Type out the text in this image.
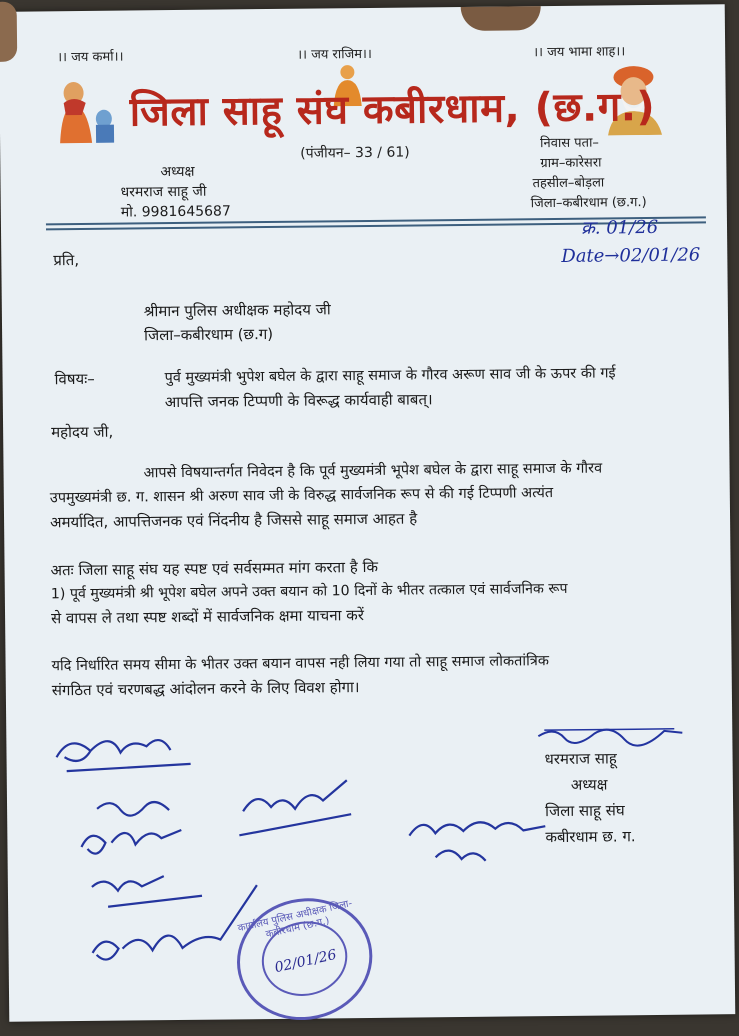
।। जय कर्मा।।	।। जय राजिम।।	।। जय भामा शाह।।
जिला साहू संघ कबीरधाम, (छ.ग.)
(पंजीयन– 33 / 61)
अध्यक्ष
धरमराज साहू जी
मो. 9981645687
निवास पता–
ग्राम–कारेसरा
तहसील–बोड़ला
जिला–कबीरधाम (छ.ग.)
क्र. 01/26
Date→02/01/26
प्रति,
श्रीमान पुलिस अधीक्षक महोदय जी
जिला–कबीरधाम (छ.ग)
विषयः–	पुर्व मुख्यमंत्री भुपेश बघेल के द्वारा साहू समाज के गौरव अरूण साव जी के ऊपर की गई
आपत्ति जनक टिप्पणी के विरूद्ध कार्यवाही बाबत्।
महोदय जी,
आपसे विषयान्तर्गत निवेदन है कि पूर्व मुख्यमंत्री भूपेश बघेल के द्वारा साहू समाज के गौरव
उपमुख्यमंत्री छ. ग. शासन श्री अरुण साव जी के विरुद्ध सार्वजनिक रूप से की गई टिप्पणी अत्यंत
अमर्यादित, आपत्तिजनक एवं निंदनीय है जिससे साहू समाज आहत है
अतः जिला साहू संघ यह स्पष्ट एवं सर्वसम्मत मांग करता है कि
1) पूर्व मुख्यमंत्री श्री भूपेश बघेल अपने उक्त बयान को 10 दिनों के भीतर तत्काल एवं सार्वजनिक रूप
से वापस ले तथा स्पष्ट शब्दों में सार्वजनिक क्षमा याचना करें
यदि निर्धारित समय सीमा के भीतर उक्त बयान वापस नही लिया गया तो साहू समाज लोकतांत्रिक
संगठित एवं चरणबद्ध आंदोलन करने के लिए विवश होगा।
धरमराज साहू
अध्यक्ष
जिला साहू संघ
कबीरधाम छ. ग.
कार्यालय पुलिस अधीक्षक जिला-कबीरधाम (छ.ग.)
02/01/26
